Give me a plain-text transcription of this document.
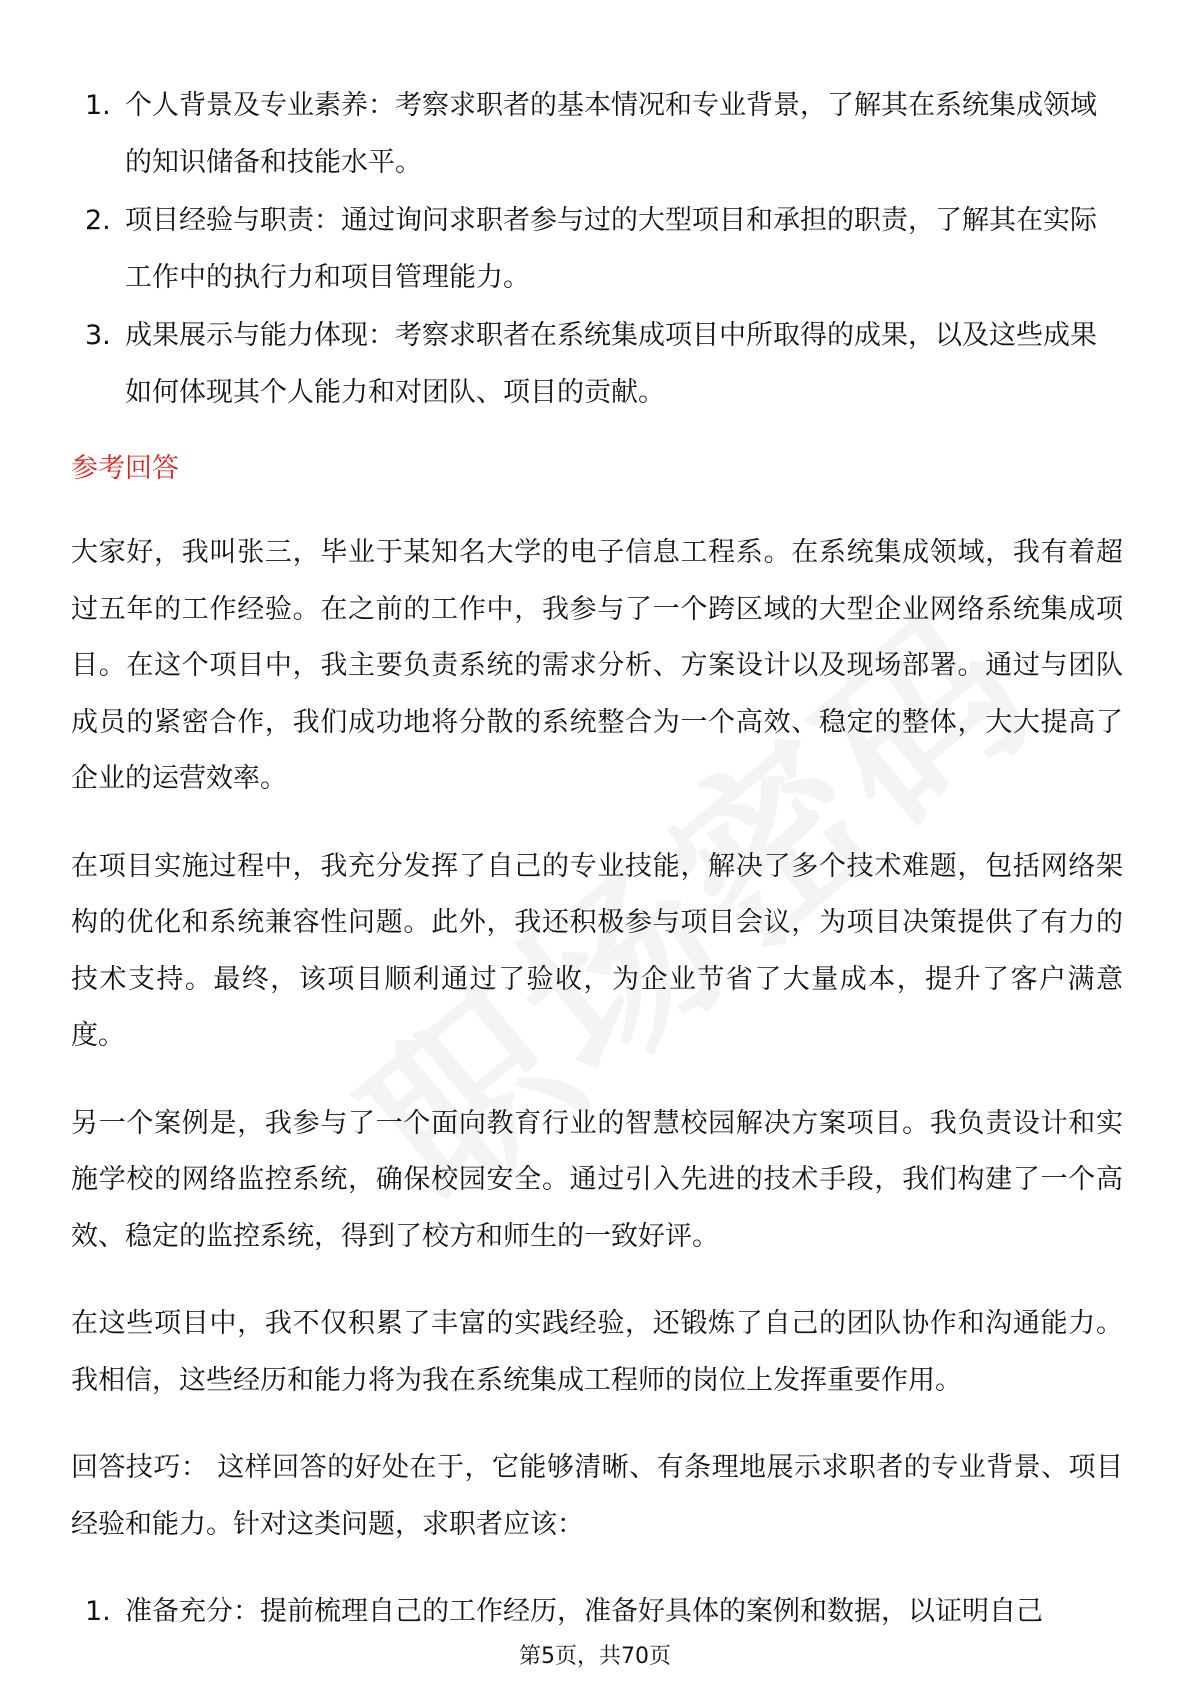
1. 个人背景及专业素养：考察求职者的基本情况和专业背景，了解其在系统集成领域的知识储备和技能水平。
2. 项目经验与职责：通过询问求职者参与过的大型项目和承担的职责，了解其在实际工作中的执行力和项目管理能力。
3. 成果展示与能力体现：考察求职者在系统集成项目中所取得的成果，以及这些成果如何体现其个人能力和对团队、项目的贡献。
参考回答

大家好，我叫张三，毕业于某知名大学的电子信息工程系。在系统集成领域，我有着超过五年的工作经验。在之前的工作中，我参与了一个跨区域的大型企业网络系统集成项目。在这个项目中，我主要负责系统的需求分析、方案设计以及现场部署。通过与团队成员的紧密合作，我们成功地将分散的系统整合为一个高效、稳定的整体，大大提高了企业的运营效率。

在项目实施过程中，我充分发挥了自己的专业技能，解决了多个技术难题，包括网络架构的优化和系统兼容性问题。此外，我还积极参与项目会议，为项目决策提供了有力的技术支持。最终，该项目顺利通过了验收，为企业节省了大量成本，提升了客户满意度。

另一个案例是，我参与了一个面向教育行业的智慧校园解决方案项目。我负责设计和实施学校的网络监控系统，确保校园安全。通过引入先进的技术手段，我们构建了一个高效、稳定的监控系统，得到了校方和师生的一致好评。

在这些项目中，我不仅积累了丰富的实践经验，还锻炼了自己的团队协作和沟通能力。我相信，这些经历和能力将为我在系统集成工程师的岗位上发挥重要作用。

回答技巧： 这样回答的好处在于，它能够清晰、有条理地展示求职者的专业背景、项目经验和能力。针对这类问题，求职者应该：

1. 准备充分：提前梳理自己的工作经历，准备好具体的案例和数据，以证明自己
第5页，共70页
